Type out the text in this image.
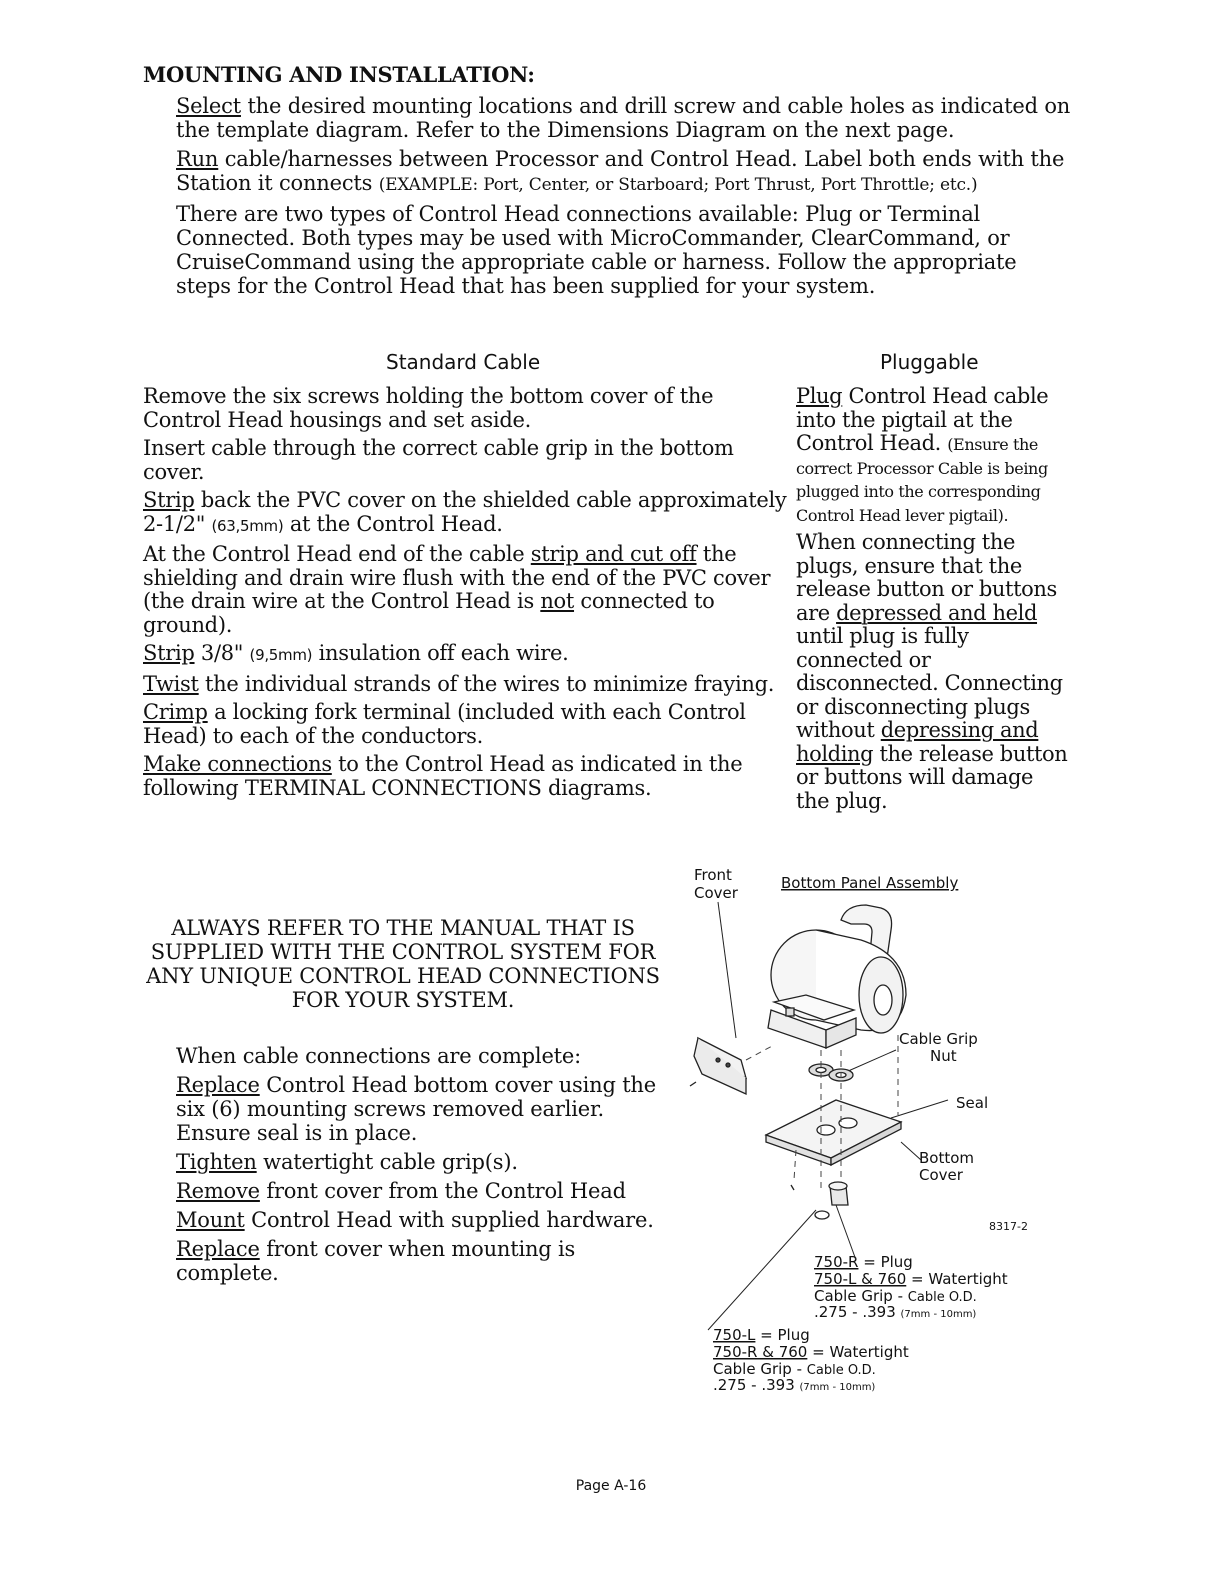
MOUNTING AND INSTALLATION:

Select the desired mounting locations and drill screw and cable holes as indicated on the template diagram. Refer to the Dimensions Diagram on the next page.

Run cable/harnesses between Processor and Control Head. Label both ends with the Station it connects (EXAMPLE: Port, Center, or Starboard; Port Thrust, Port Throttle; etc.)

There are two types of Control Head connections available: Plug or Terminal Connected. Both types may be used with MicroCommander, ClearCommand, or CruiseCommand using the appropriate cable or harness. Follow the appropriate steps for the Control Head that has been supplied for your system.

Standard Cable	Pluggable

Remove the six screws holding the bottom cover of the Control Head housings and set aside.

Insert cable through the correct cable grip in the bottom cover.

Strip back the PVC cover on the shielded cable approximately 2-1/2" (63,5mm) at the Control Head.

At the Control Head end of the cable strip and cut off the shielding and drain wire flush with the end of the PVC cover (the drain wire at the Control Head is not connected to ground).

Strip 3/8" (9,5mm) insulation off each wire.

Twist the individual strands of the wires to minimize fraying.

Crimp a locking fork terminal (included with each Control Head) to each of the conductors.

Make connections to the Control Head as indicated in the following TERMINAL CONNECTIONS diagrams.

Plug Control Head cable into the pigtail at the Control Head. (Ensure the correct Processor Cable is being plugged into the corresponding Control Head lever pigtail).

When connecting the plugs, ensure that the release button or buttons are depressed and held until plug is fully connected or disconnected. Connecting or disconnecting plugs without depressing and holding the release button or buttons will damage the plug.

ALWAYS REFER TO THE MANUAL THAT IS SUPPLIED WITH THE CONTROL SYSTEM FOR ANY UNIQUE CONTROL HEAD CONNECTIONS FOR YOUR SYSTEM.

When cable connections are complete:

Replace Control Head bottom cover using the six (6) mounting screws removed earlier. Ensure seal is in place.

Tighten watertight cable grip(s).

Remove front cover from the Control Head

Mount Control Head with supplied hardware.

Replace front cover when mounting is complete.

Front
Cover
Bottom Panel Assembly
Cable Grip
Nut
Seal
Bottom
Cover
8317-2
750-R = Plug
750-L & 760 = Watertight
Cable Grip - Cable O.D.
.275 - .393 (7mm - 10mm)
750-L = Plug
750-R & 760 = Watertight
Cable Grip - Cable O.D.
.275 - .393 (7mm - 10mm)
Page A-16
